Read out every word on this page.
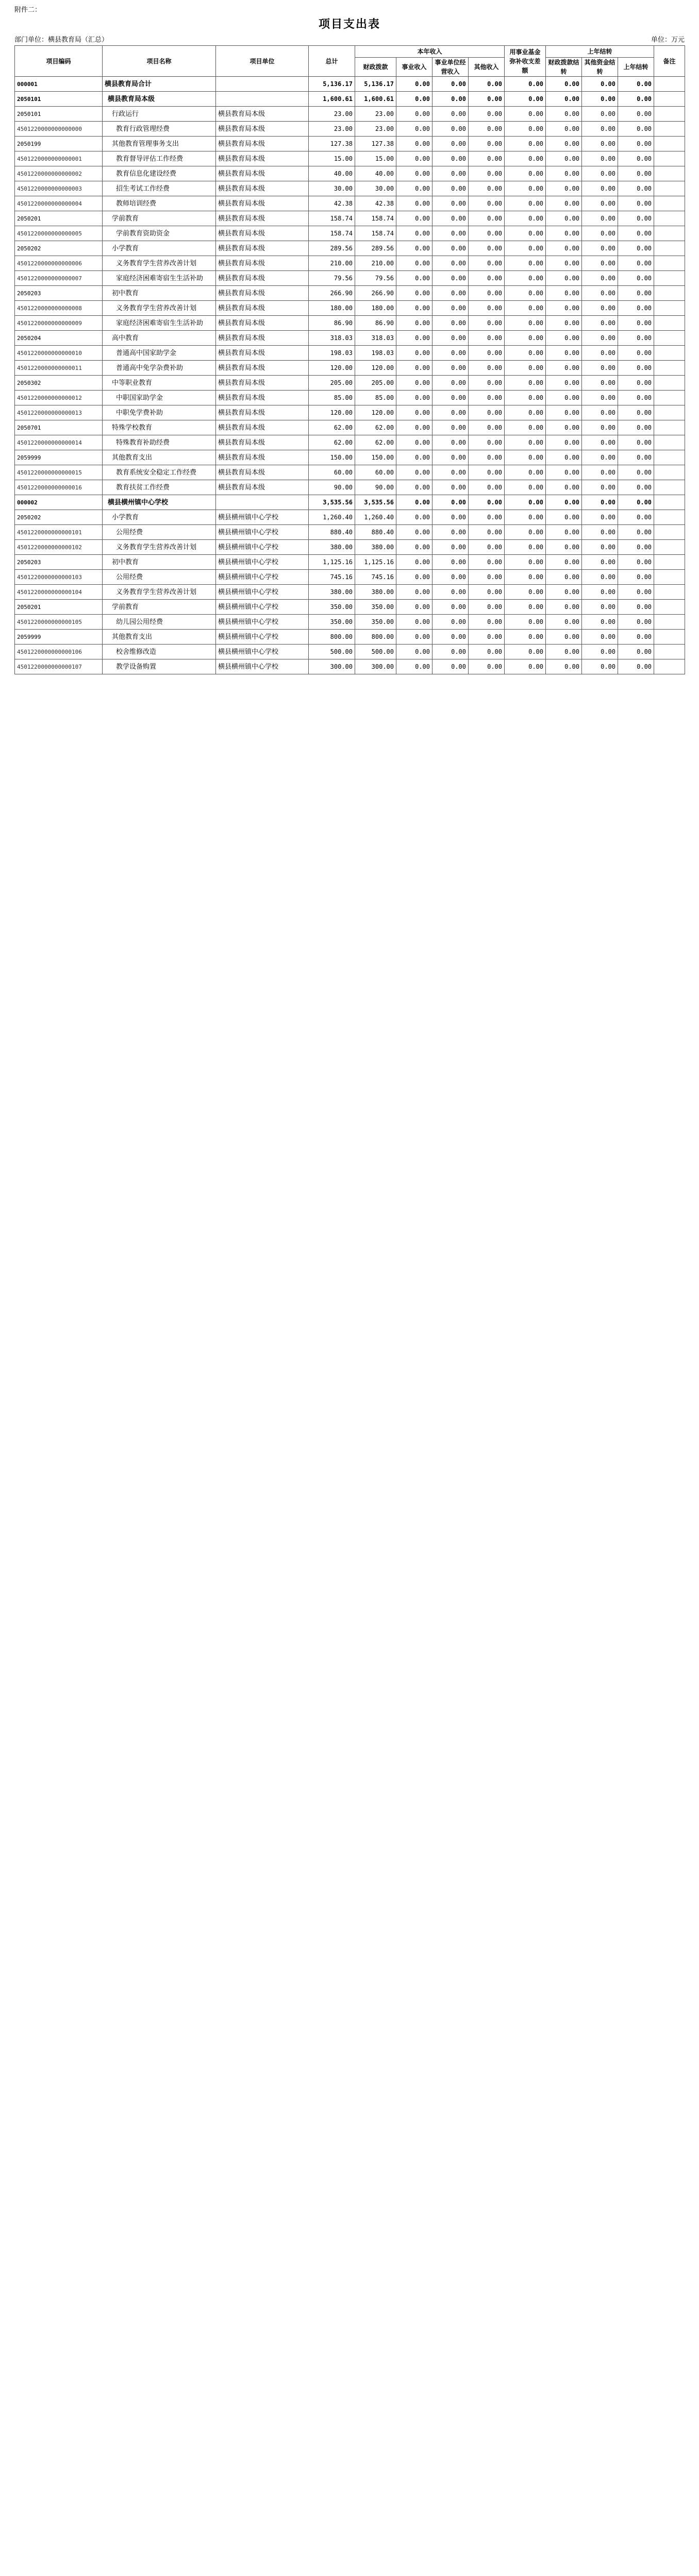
附件二：
项目支出表
部门单位：横县教育局（汇总）	单位：万元
项目编码	项目名称	项目单位	总计	本年收入				用事业基金弥补收支差额	上年结转			备注
				财政拨款	事业收入	事业单位经营收入	其他收入		财政拨款结转	其他资金结转	上年结转	
000001	横县教育局合计		5,136.17	5,136.17	0.00	0.00	0.00	0.00	0.00	0.00	0.00	
2050101	横县教育局本级		1,600.61	1,600.61	0.00	0.00	0.00	0.00	0.00	0.00	0.00	
2050101	行政运行	横县教育局本级	23.00	23.00	0.00	0.00	0.00	0.00	0.00	0.00	0.00	
4501220000000000000	教育行政管理经费	横县教育局本级	23.00	23.00	0.00	0.00	0.00	0.00	0.00	0.00	0.00	
2050199	其他教育管理事务支出	横县教育局本级	127.38	127.38	0.00	0.00	0.00	0.00	0.00	0.00	0.00	
4501220000000000001	教育督导评估工作经费	横县教育局本级	15.00	15.00	0.00	0.00	0.00	0.00	0.00	0.00	0.00	
4501220000000000002	教育信息化建设经费	横县教育局本级	40.00	40.00	0.00	0.00	0.00	0.00	0.00	0.00	0.00	
4501220000000000003	招生考试工作经费	横县教育局本级	30.00	30.00	0.00	0.00	0.00	0.00	0.00	0.00	0.00	
4501220000000000004	教师培训经费	横县教育局本级	42.38	42.38	0.00	0.00	0.00	0.00	0.00	0.00	0.00	
2050201	学前教育	横县教育局本级	158.74	158.74	0.00	0.00	0.00	0.00	0.00	0.00	0.00	
4501220000000000005	学前教育资助资金	横县教育局本级	158.74	158.74	0.00	0.00	0.00	0.00	0.00	0.00	0.00	
2050202	小学教育	横县教育局本级	289.56	289.56	0.00	0.00	0.00	0.00	0.00	0.00	0.00	
4501220000000000006	义务教育学生营养改善计划	横县教育局本级	210.00	210.00	0.00	0.00	0.00	0.00	0.00	0.00	0.00	
4501220000000000007	家庭经济困难寄宿生生活补助	横县教育局本级	79.56	79.56	0.00	0.00	0.00	0.00	0.00	0.00	0.00	
2050203	初中教育	横县教育局本级	266.90	266.90	0.00	0.00	0.00	0.00	0.00	0.00	0.00	
4501220000000000008	义务教育学生营养改善计划	横县教育局本级	180.00	180.00	0.00	0.00	0.00	0.00	0.00	0.00	0.00	
4501220000000000009	家庭经济困难寄宿生生活补助	横县教育局本级	86.90	86.90	0.00	0.00	0.00	0.00	0.00	0.00	0.00	
2050204	高中教育	横县教育局本级	318.03	318.03	0.00	0.00	0.00	0.00	0.00	0.00	0.00	
4501220000000000010	普通高中国家助学金	横县教育局本级	198.03	198.03	0.00	0.00	0.00	0.00	0.00	0.00	0.00	
4501220000000000011	普通高中免学杂费补助	横县教育局本级	120.00	120.00	0.00	0.00	0.00	0.00	0.00	0.00	0.00	
2050302	中等职业教育	横县教育局本级	205.00	205.00	0.00	0.00	0.00	0.00	0.00	0.00	0.00	
4501220000000000012	中职国家助学金	横县教育局本级	85.00	85.00	0.00	0.00	0.00	0.00	0.00	0.00	0.00	
4501220000000000013	中职免学费补助	横县教育局本级	120.00	120.00	0.00	0.00	0.00	0.00	0.00	0.00	0.00	
2050701	特殊学校教育	横县教育局本级	62.00	62.00	0.00	0.00	0.00	0.00	0.00	0.00	0.00	
4501220000000000014	特殊教育补助经费	横县教育局本级	62.00	62.00	0.00	0.00	0.00	0.00	0.00	0.00	0.00	
2059999	其他教育支出	横县教育局本级	150.00	150.00	0.00	0.00	0.00	0.00	0.00	0.00	0.00	
4501220000000000015	教育系统安全稳定工作经费	横县教育局本级	60.00	60.00	0.00	0.00	0.00	0.00	0.00	0.00	0.00	
4501220000000000016	教育扶贫工作经费	横县教育局本级	90.00	90.00	0.00	0.00	0.00	0.00	0.00	0.00	0.00	
000002	横县横州镇中心学校		3,535.56	3,535.56	0.00	0.00	0.00	0.00	0.00	0.00	0.00	
2050202	小学教育	横县横州镇中心学校	1,260.40	1,260.40	0.00	0.00	0.00	0.00	0.00	0.00	0.00	
4501220000000000101	公用经费	横县横州镇中心学校	880.40	880.40	0.00	0.00	0.00	0.00	0.00	0.00	0.00	
4501220000000000102	义务教育学生营养改善计划	横县横州镇中心学校	380.00	380.00	0.00	0.00	0.00	0.00	0.00	0.00	0.00	
2050203	初中教育	横县横州镇中心学校	1,125.16	1,125.16	0.00	0.00	0.00	0.00	0.00	0.00	0.00	
4501220000000000103	公用经费	横县横州镇中心学校	745.16	745.16	0.00	0.00	0.00	0.00	0.00	0.00	0.00	
4501220000000000104	义务教育学生营养改善计划	横县横州镇中心学校	380.00	380.00	0.00	0.00	0.00	0.00	0.00	0.00	0.00	
2050201	学前教育	横县横州镇中心学校	350.00	350.00	0.00	0.00	0.00	0.00	0.00	0.00	0.00	
4501220000000000105	幼儿园公用经费	横县横州镇中心学校	350.00	350.00	0.00	0.00	0.00	0.00	0.00	0.00	0.00	
2059999	其他教育支出	横县横州镇中心学校	800.00	800.00	0.00	0.00	0.00	0.00	0.00	0.00	0.00	
4501220000000000106	校舍维修改造	横县横州镇中心学校	500.00	500.00	0.00	0.00	0.00	0.00	0.00	0.00	0.00	
4501220000000000107	教学设备购置	横县横州镇中心学校	300.00	300.00	0.00	0.00	0.00	0.00	0.00	0.00	0.00	
